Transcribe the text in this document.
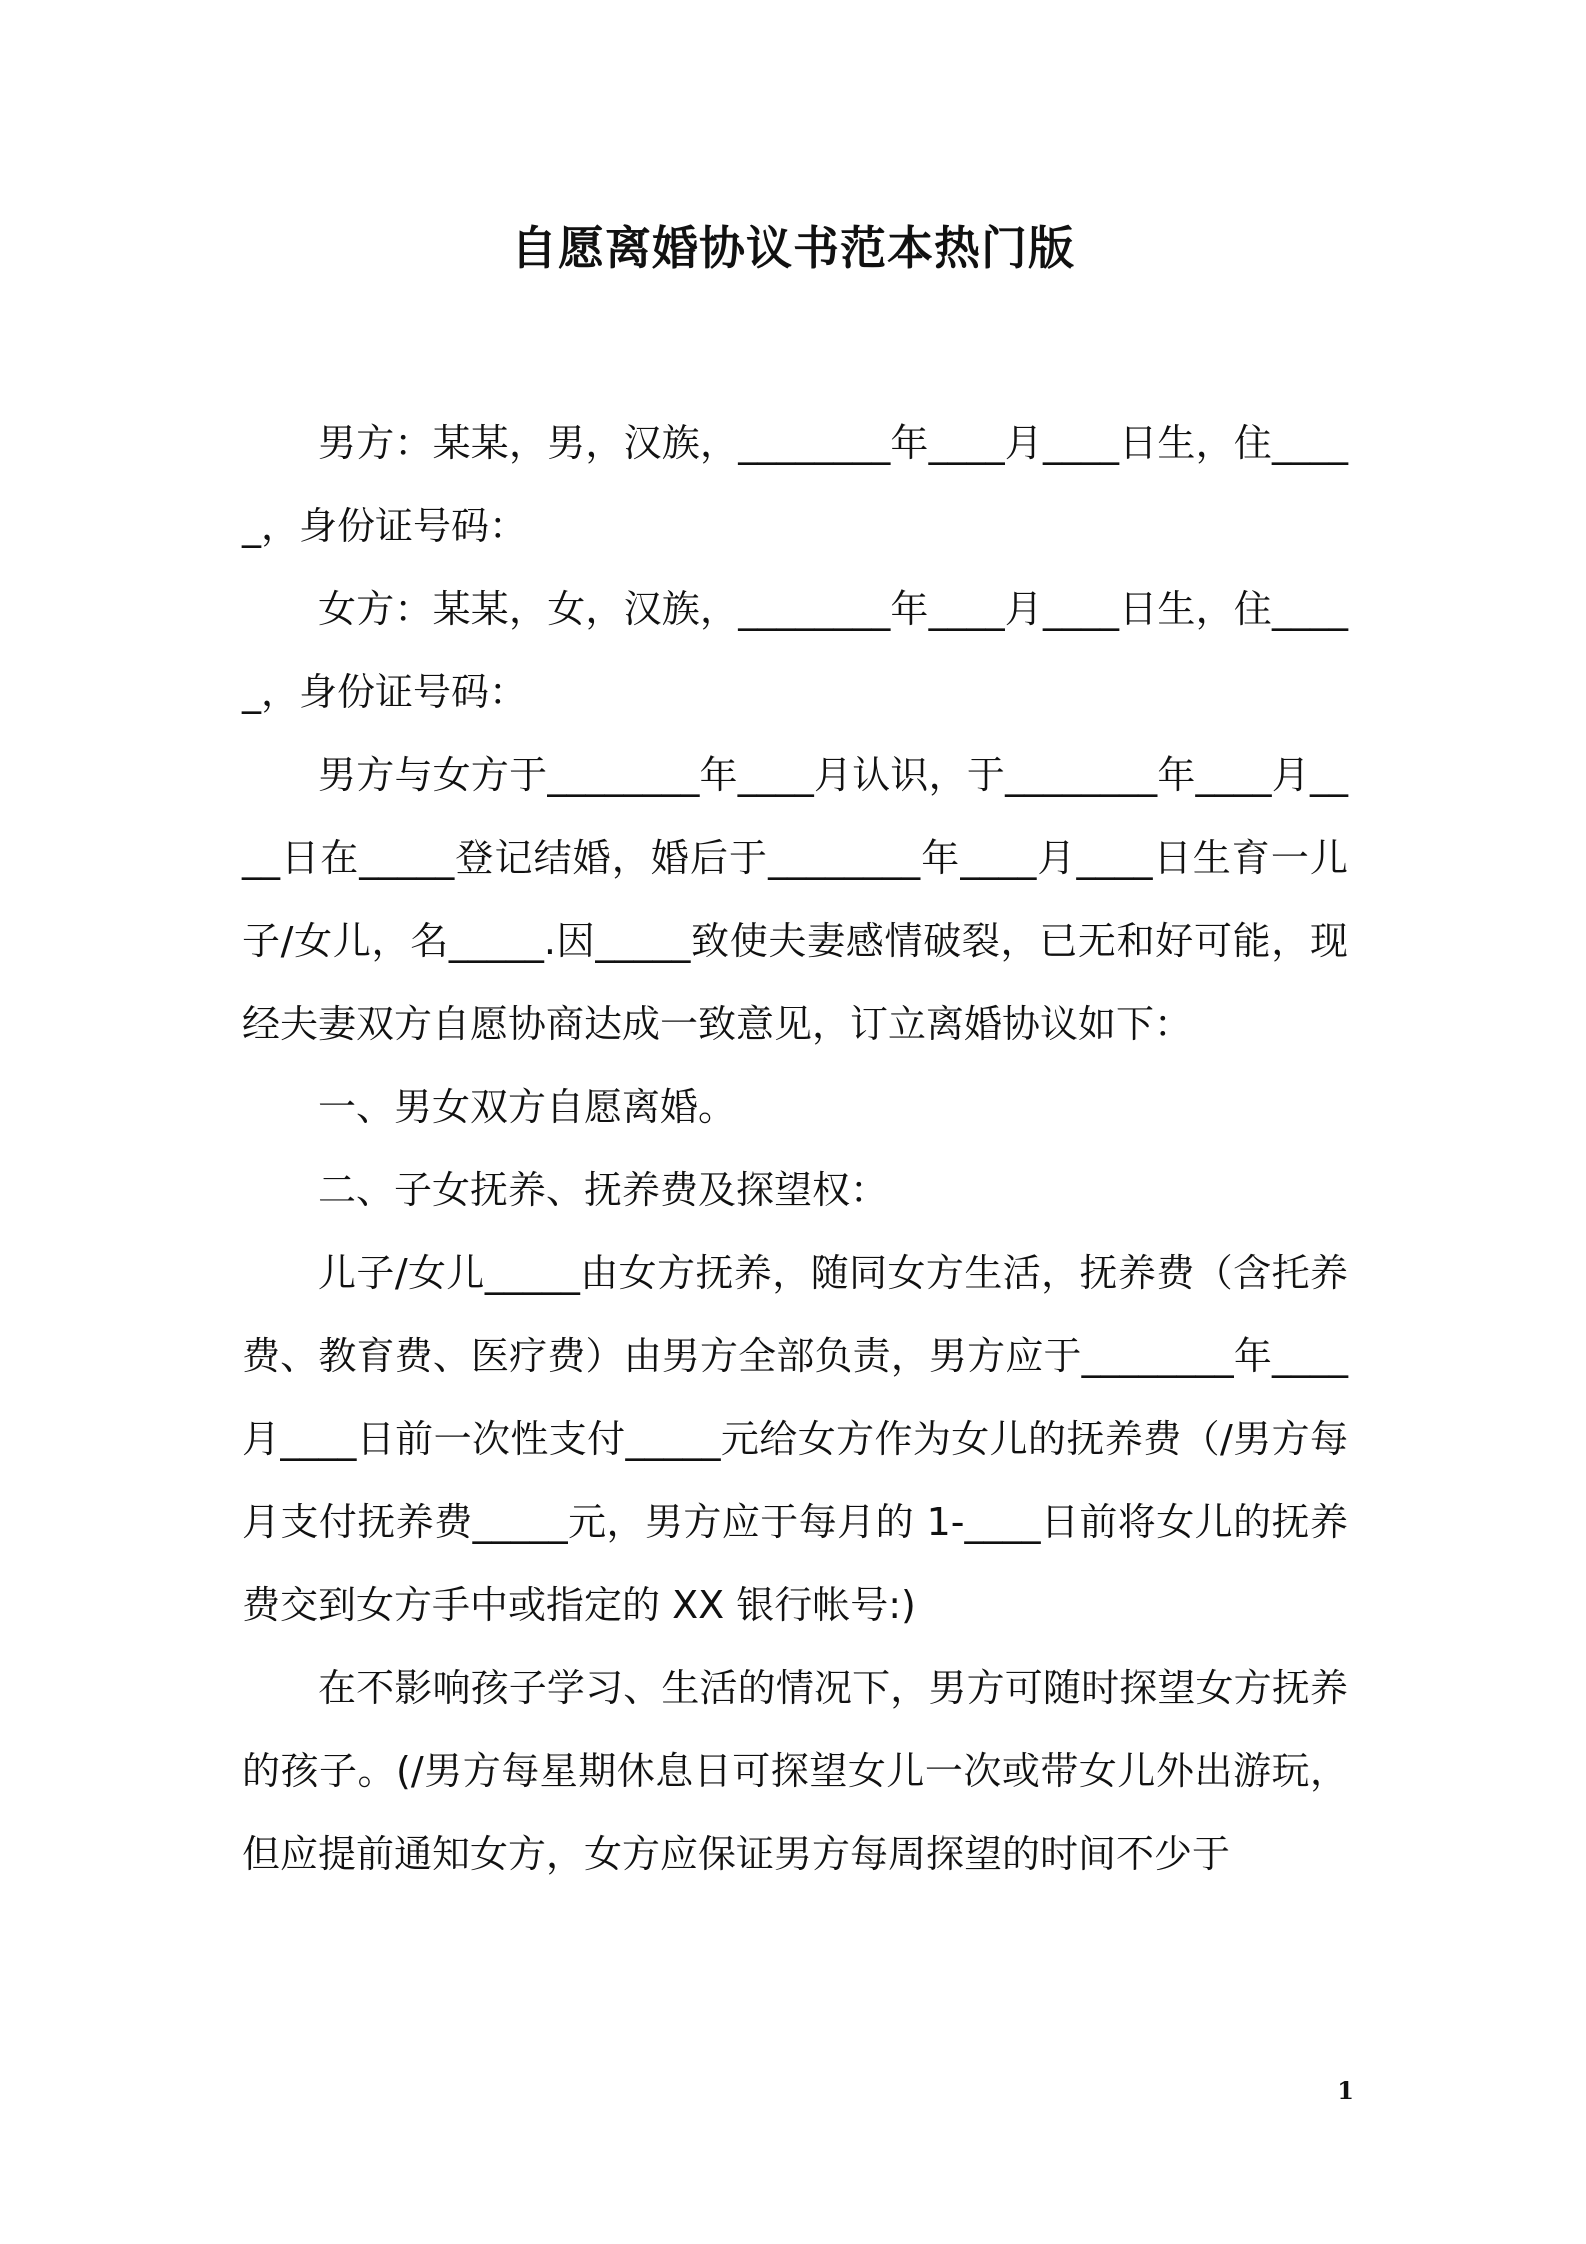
自愿离婚协议书范本热门版

男方：某某，男，汉族，________年____月____日生，住_____，身份证号码：

女方：某某，女，汉族，________年____月____日生，住_____，身份证号码：

男方与女方于________年____月认识，于________年____月____日在_____登记结婚，婚后于________年____月____日生育一儿子/女儿，名_____.因_____致使夫妻感情破裂，已无和好可能，现经夫妻双方自愿协商达成一致意见，订立离婚协议如下：

一、男女双方自愿离婚。

二、子女抚养、抚养费及探望权：

儿子/女儿_____由女方抚养，随同女方生活，抚养费（含托养费、教育费、医疗费）由男方全部负责，男方应于________年____月____日前一次性支付_____元给女方作为女儿的抚养费（/男方每月支付抚养费_____元，男方应于每月的 1-____日前将女儿的抚养费交到女方手中或指定的 XX 银行帐号:)

在不影响孩子学习、生活的情况下，男方可随时探望女方抚养的孩子。(/男方每星期休息日可探望女儿一次或带女儿外出游玩，但应提前通知女方，女方应保证男方每周探望的时间不少于

1
